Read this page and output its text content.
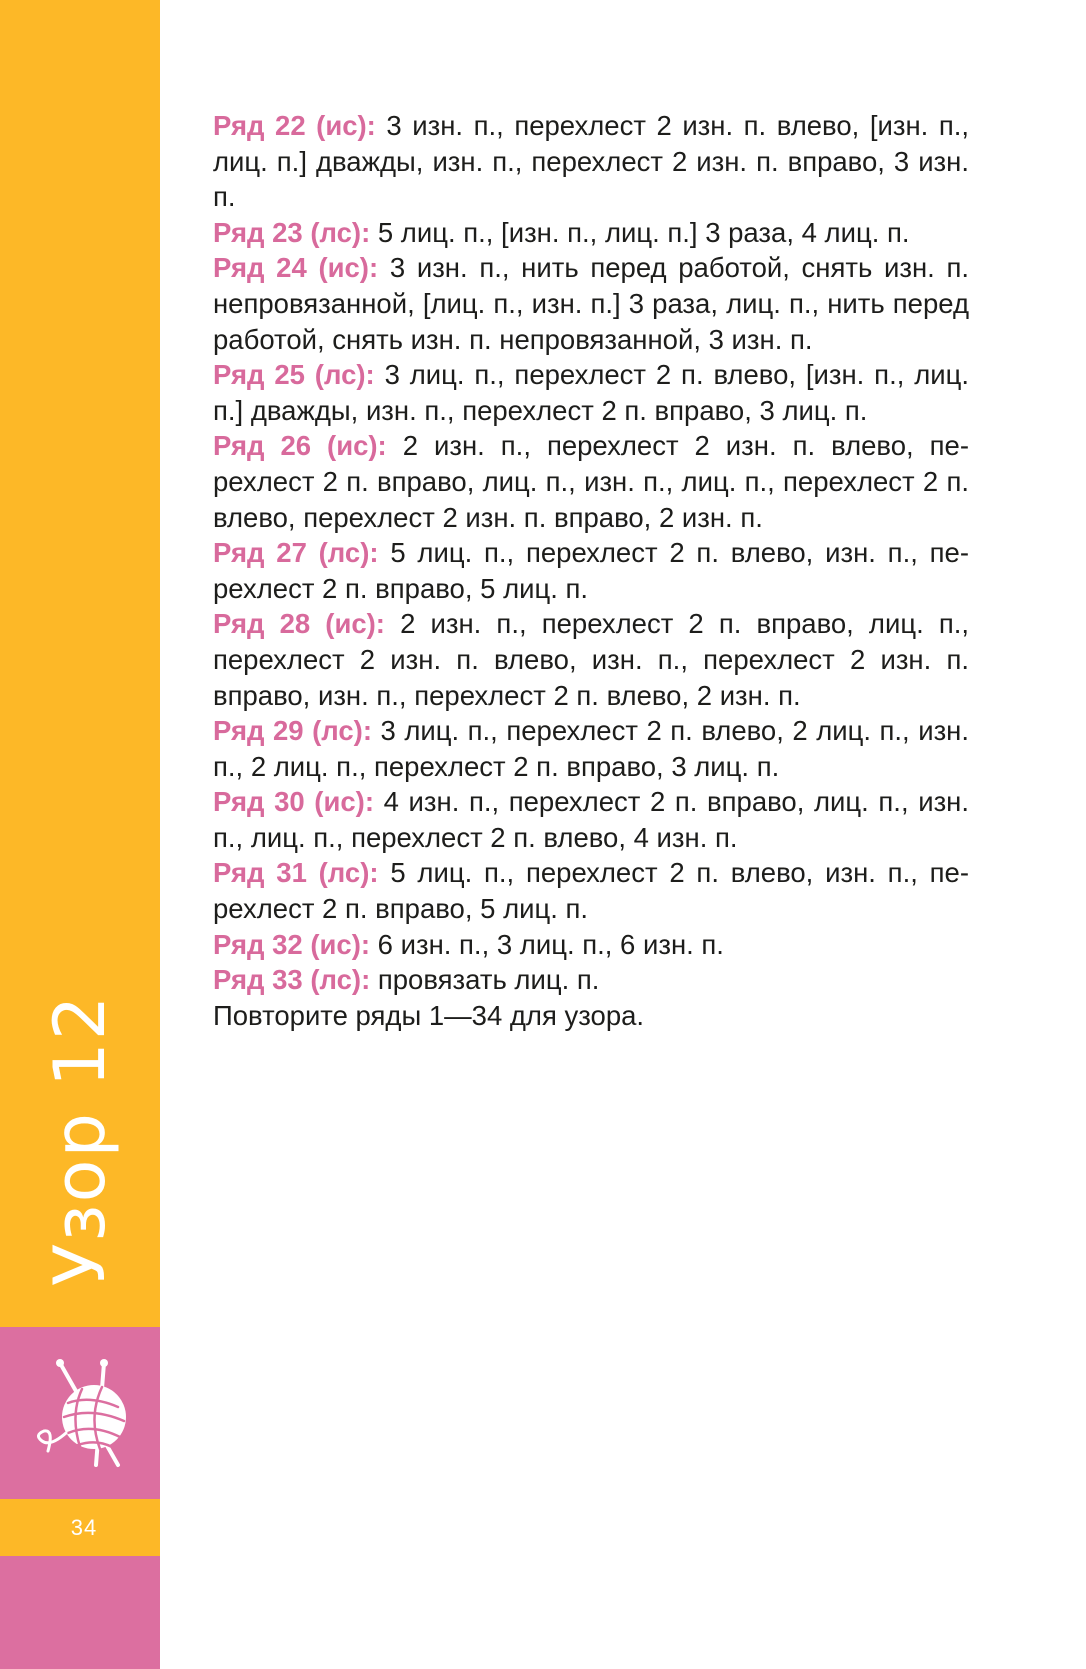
Узор 12
34

Ряд 22 (ис): 3 изн. п., перехлест 2 изн. п. влево, [изн. п., лиц. п.] дважды, изн. п., перехлест 2 изн. п. вправо, 3 изн. п.

Ряд 23 (лс): 5 лиц. п., [изн. п., лиц. п.] 3 раза, 4 лиц. п.

Ряд 24 (ис): 3 изн. п., нить перед работой, снять изн. п. непровязанной, [лиц. п., изн. п.] 3 раза, лиц. п., нить перед работой, снять изн. п. непровязанной, 3 изн. п.

Ряд 25 (лс): 3 лиц. п., перехлест 2 п. влево, [изн. п., лиц. п.] дважды, изн. п., перехлест 2 п. вправо, 3 лиц. п.

Ряд 26 (ис): 2 изн. п., перехлест 2 изн. п. влево, перехлест 2 п. вправо, лиц. п., изн. п., лиц. п., перехлест 2 п. влево, перехлест 2 изн. п. вправо, 2 изн. п.

Ряд 27 (лс): 5 лиц. п., перехлест 2 п. влево, изн. п., перехлест 2 п. вправо, 5 лиц. п.

Ряд 28 (ис): 2 изн. п., перехлест 2 п. вправо, лиц. п., перехлест 2 изн. п. влево, изн. п., перехлест 2 изн. п. вправо, изн. п., перехлест 2 п. влево, 2 изн. п.

Ряд 29 (лс): 3 лиц. п., перехлест 2 п. влево, 2 лиц. п., изн. п., 2 лиц. п., перехлест 2 п. вправо, 3 лиц. п.

Ряд 30 (ис): 4 изн. п., перехлест 2 п. вправо, лиц. п., изн. п., лиц. п., перехлест 2 п. влево, 4 изн. п.

Ряд 31 (лс): 5 лиц. п., перехлест 2 п. влево, изн. п., перехлест 2 п. вправо, 5 лиц. п.

Ряд 32 (ис): 6 изн. п., 3 лиц. п., 6 изн. п.

Ряд 33 (лс): провязать лиц. п.

Повторите ряды 1—34 для узора.
